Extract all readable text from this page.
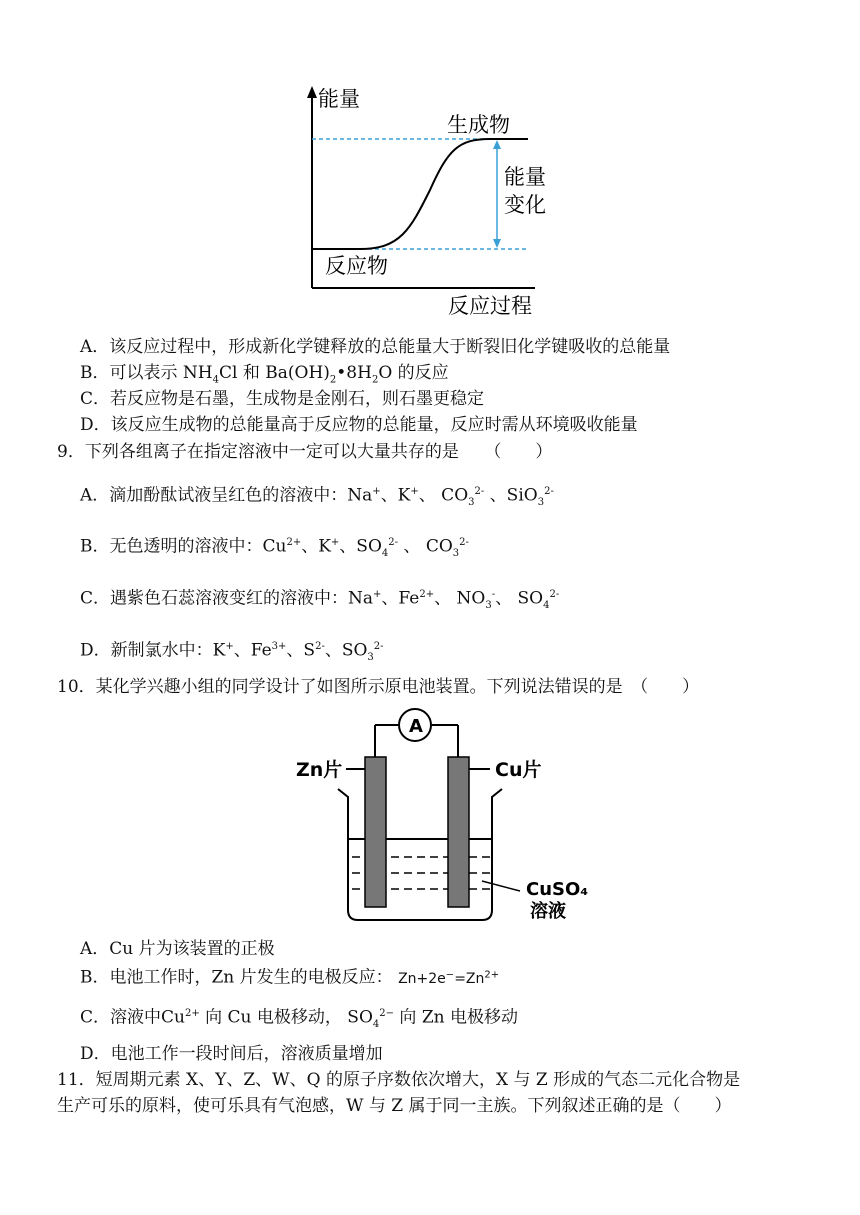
能量
生成物
能量
变化
反应物
反应过程
A．该反应过程中，形成新化学键释放的总能量大于断裂旧化学键吸收的总能量
B．可以表示 $NH_4Cl$ 和 $Ba(OH)_2•8H_2O$ 的反应
C．若反应物是石墨，生成物是金刚石，则石墨更稳定
D．该反应生成物的总能量高于反应物的总能量，反应时需从环境吸收能量
9．下列各组离子在指定溶液中一定可以大量共存的是　　 （　　）
A．滴加酚酞试液呈红色的溶液中：Na+、K+、 $CO_3^{2-}$ 、SiO$_3^{2-}$
B．无色透明的溶液中：$Cu^{2+}$、K+、$SO_4^{2-}$ 、 $CO_3^{2-}$
C．遇紫色石蕊溶液变红的溶液中：Na+、$Fe^{2+}$、 $NO_3^-$、 $SO_4^{2-}$
D．新制氯水中：K+、$Fe^{3+}$、$S^{2-}$、$SO_3^{2-}$
10．某化学兴趣小组的同学设计了如图所示原电池装置。下列说法错误的是　 （　　）
A
Zn片	Cu片
CuSO₄
溶液
A．Cu 片为该装置的正极
B．电池工作时，Zn 片发生的电极反应： $Zn+2e^-=Zn^{2+}$
C．溶液中$Cu^{2+}$ 向 Cu 电极移动， $SO_4^{2-}$ 向 Zn 电极移动
D．电池工作一段时间后，溶液质量增加
11．短周期元素 X、Y、Z、W、Q 的原子序数依次增大，X 与 Z 形成的气态二元化合物是
生产可乐的原料，使可乐具有气泡感，W 与 Z 属于同一主族。下列叙述正确的是（　　）
